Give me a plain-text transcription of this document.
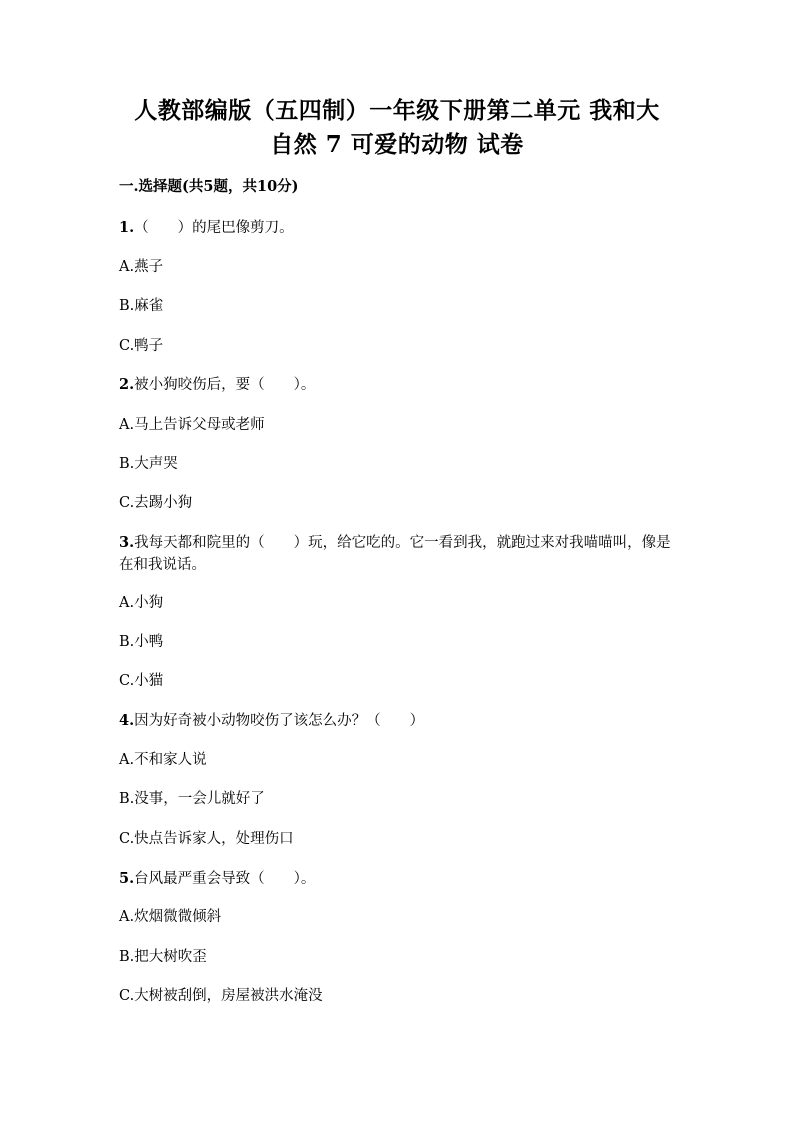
人教部编版（五四制）一年级下册第二单元 我和大
自然 7 可爱的动物 试卷
一.选择题(共5题，共10分)
1.（　　）的尾巴像剪刀。
A.燕子
B.麻雀
C.鸭子
2.被小狗咬伤后，要（　　）。
A.马上告诉父母或老师
B.大声哭
C.去踢小狗
3.我每天都和院里的（　　）玩，给它吃的。它一看到我，就跑过来对我喵喵叫，像是在和我说话。
A.小狗
B.小鸭
C.小猫
4.因为好奇被小动物咬伤了该怎么办？（　　）
A.不和家人说
B.没事，一会儿就好了
C.快点告诉家人，处理伤口
5.台风最严重会导致（　　）。
A.炊烟微微倾斜
B.把大树吹歪
C.大树被刮倒，房屋被洪水淹没
